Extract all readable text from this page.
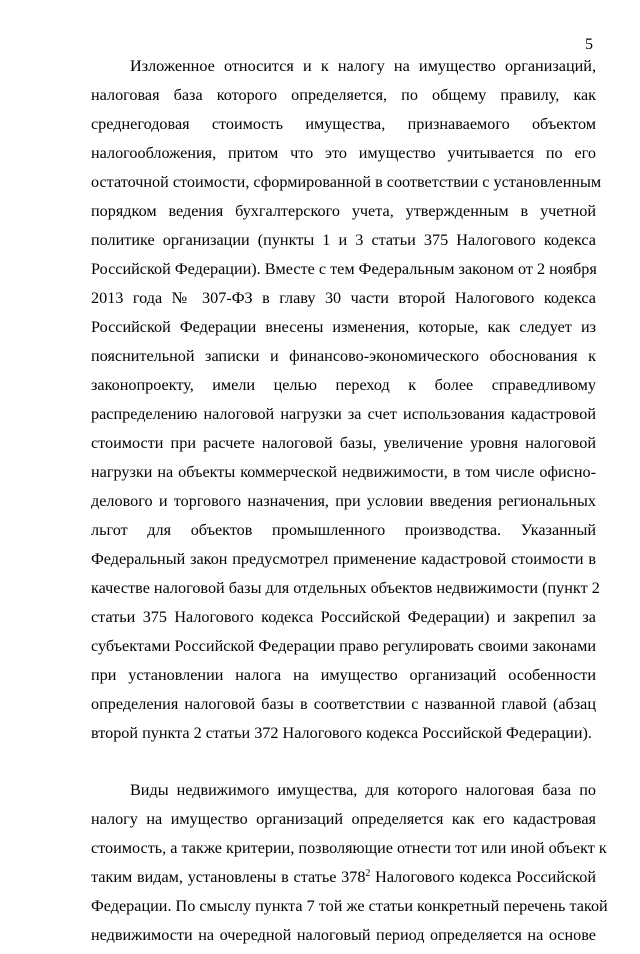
5
Изложенное относится и к налогу на имущество организаций,
налоговая база которого определяется, по общему правилу, как
среднегодовая стоимость имущества, признаваемого объектом
налогообложения, притом что это имущество учитывается по его
остаточной стоимости, сформированной в соответствии с установленным
порядком ведения бухгалтерского учета, утвержденным в учетной
политике организации (пункты 1 и 3 статьи 375 Налогового кодекса
Российской Федерации). Вместе с тем Федеральным законом от 2 ноября
2013 года № 307-ФЗ в главу 30 части второй Налогового кодекса
Российской Федерации внесены изменения, которые, как следует из
пояснительной записки и финансово-экономического обоснования к
законопроекту, имели целью переход к более справедливому
распределению налоговой нагрузки за счет использования кадастровой
стоимости при расчете налоговой базы, увеличение уровня налоговой
нагрузки на объекты коммерческой недвижимости, в том числе офисно-
делового и торгового назначения, при условии введения региональных
льгот для объектов промышленного производства. Указанный
Федеральный закон предусмотрел применение кадастровой стоимости в
качестве налоговой базы для отдельных объектов недвижимости (пункт 2
статьи 375 Налогового кодекса Российской Федерации) и закрепил за
субъектами Российской Федерации право регулировать своими законами
при установлении налога на имущество организаций особенности
определения налоговой базы в соответствии с названной главой (абзац
второй пункта 2 статьи 372 Налогового кодекса Российской Федерации).
Виды недвижимого имущества, для которого налоговая база по
налогу на имущество организаций определяется как его кадастровая
стоимость, а также критерии, позволяющие отнести тот или иной объект к
таким видам, установлены в статье $378^2$ Налогового кодекса Российской
Федерации. По смыслу пункта 7 той же статьи конкретный перечень такой
недвижимости на очередной налоговый период определяется на основе
